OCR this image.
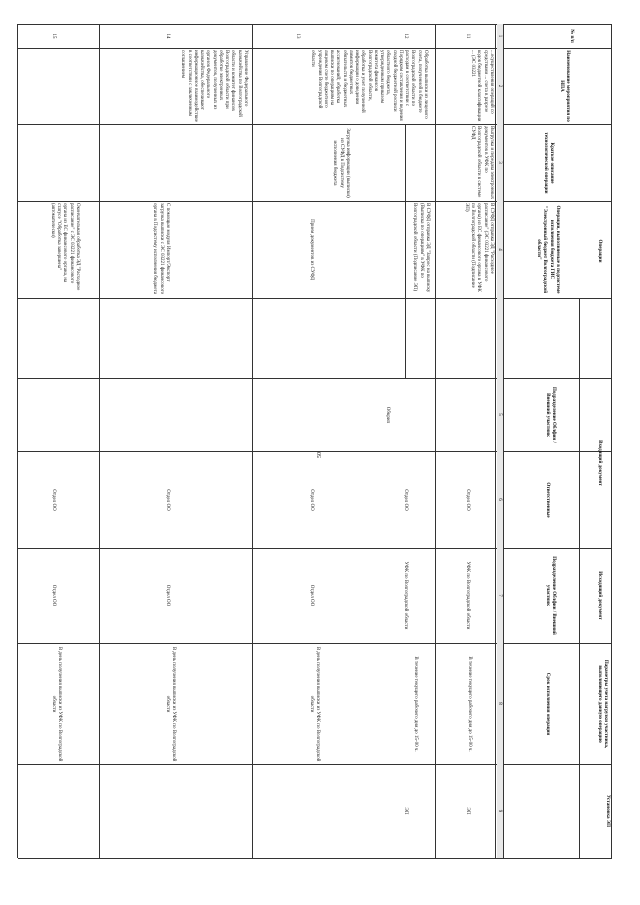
50
№ п/п
Наименование мероприятия по НПА
Операции
Краткое описание технологической операции
Операции, выполняемые в подсистеме исполнения бюджета ГИС "Электронный бюджет Волгоградской области"
Входящий документ
Подразделение Облфин / Внешний участник
Ответственные
Исходящий документ
Подразделение Облфин / Внешний участник
Параметры учета нагрузки участника, выполняющего данную операцию
Срок исполнения операции
Установка ЭП
1
2
3
4
5
6
7
8
9
11
...осуществления операций со средствами ... счета в разрезе кодов бюджетной классификации ... (ЭС 03221
Выгрузка и передача электронных документов в УФК по Волгоградской области в системе СУФД
В СУФД отправка ЭД "Расходное расписание" (ЭС 03221 финансового органа) из ЕС финансового органа в УФК по Волгоградской области (Подписание ЭП)
Отдел ОО
УФК по Волгоградской области
В течение текущего рабочего дня до 15-00 ч.
ЭП
12
В СУФД отправка ЭД "Запрос на выписку (Выписка по операциям" в УФК по Волгоградской области (Подписание ЭП)
Отдел ОО
УФК по Волгоградской области
В течение текущего рабочего дня до 15-00 ч.
ЭП
13
Обработка выписки из лицевого счета, полученной в бюджете Волгоградской области по расходам в соответствии с Порядком составления и ведения сводной бюджетной росписи областного бюджета, утвержденным приказом комитета финансов Волгоградской области, обработка и учет полученной информации о доведении лимитов бюджетных обязательств и бюджетных ассигнований; обработка выписки по операциям на лицевом счете бюджетного учреждения Волгоградской области
Загрузка информации (выписки) из СУФД в Подсистему исполнения бюджета
Прием документов из СУФД
Обкрип
Отдел ОО
Отдел ОО
В день получения выписки из УФК по Волгоградской области
14
Управление Федерального казначейства по Волгоградской области и комитет финансов Волгоградской области при обработке электронных документов, полученных из органов Федерального казначейства, обеспечивают информационное взаимодействие в соответствии с заключенным соглашением
С помощью модуля Импорт/Экспорт загрузка выписки с ЭС 03221 финансового органа в Подсистему исполнения бюджета
Отдел ОО
Отдел ОО
В день получения выписки из УФК по Волгоградской области
15
Окончательная обработка ЭД "Расходное расписание" с ЭС 03221 финансового органа из ЕС финансового органа, на статусе "Обработка завершена" (автоматически)
Отдел ОО
Отдел ОО
В день получения выписки из УФК по Волгоградской области
